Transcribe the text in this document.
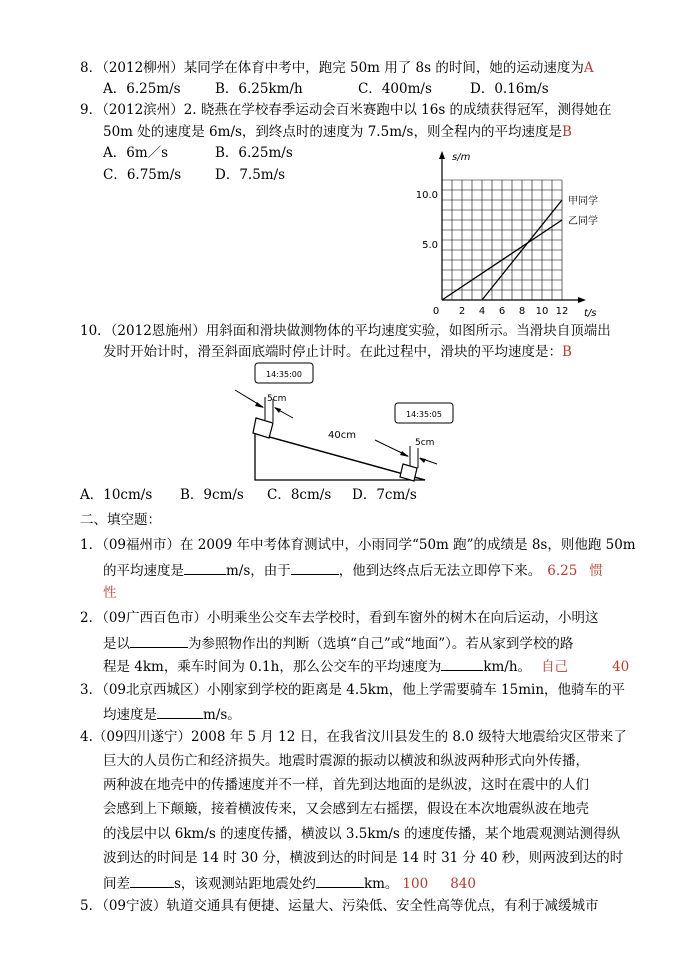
8．（2012柳州）某同学在体育中考中，跑完 50m 用了 8s 的时间，她的运动速度为A
A．6.25m/s	B．6.25km/h	C．400m/s	D．0.16m/s
9．（2012滨州）2. 晓燕在学校春季运动会百米赛跑中以 16s 的成绩获得冠军，测得她在
50m 处的速度是 6m/s，到终点时的速度为 7.5m/s，则全程内的平均速度是B
A．6m／s	B．6.25m/s
C．6.75m/s	D．7.5m/s
s/m
t/s
10.0
5.0
0 2 4 6 8 10 12
甲同学
乙同学
10．（2012恩施州）用斜面和滑块做测物体的平均速度实验，如图所示。当滑块自顶端出
发时开始计时，滑至斜面底端时停止计时。在此过程中，滑块的平均速度是：B
5cm
14:35:00
40cm
5cm
14:35:05
A．10cm/s B．9cm/s C．8cm/s D．7cm/s
二、填空题：
1．（09福州市）在 2009 年中考体育测试中，小雨同学“50m 跑”的成绩是 8s，则他跑 50m
的平均速度是	m/s，由于	，他到达终点后无法立即停下来。 6.25 惯
性
2．（09广西百色市）小明乘坐公交车去学校时，看到车窗外的树木在向后运动，小明这
是以	为参照物作出的判断（选填“自己”或“地面”）。若从家到学校的路
程是 4km，乘车时间为 0.1h，那么公交车的平均速度为	km/h。 自己	40
3．（09北京西城区）小刚家到学校的距离是 4.5km，他上学需要骑车 15min，他骑车的平
均速度是	m/s。
4.（09四川遂宁）2008 年 5 月 12 日，在我省汶川县发生的 8.0 级特大地震给灾区带来了
巨大的人员伤亡和经济损失。地震时震源的振动以横波和纵波两种形式向外传播，
两种波在地壳中的传播速度并不一样，首先到达地面的是纵波，这时在震中的人们
会感到上下颠簸，接着横波传来，又会感到左右摇摆，假设在本次地震纵波在地壳
的浅层中以 6km/s 的速度传播，横波以 3.5km/s 的速度传播，某个地震观测站测得纵
波到达的时间是 14 时 30 分，横波到达的时间是 14 时 31 分 40 秒，则两波到达的时
间差	s，该观测站距地震处约	km。 100 840
5．（09宁波）轨道交通具有便捷、运量大、污染低、安全性高等优点，有利于减缓城市
